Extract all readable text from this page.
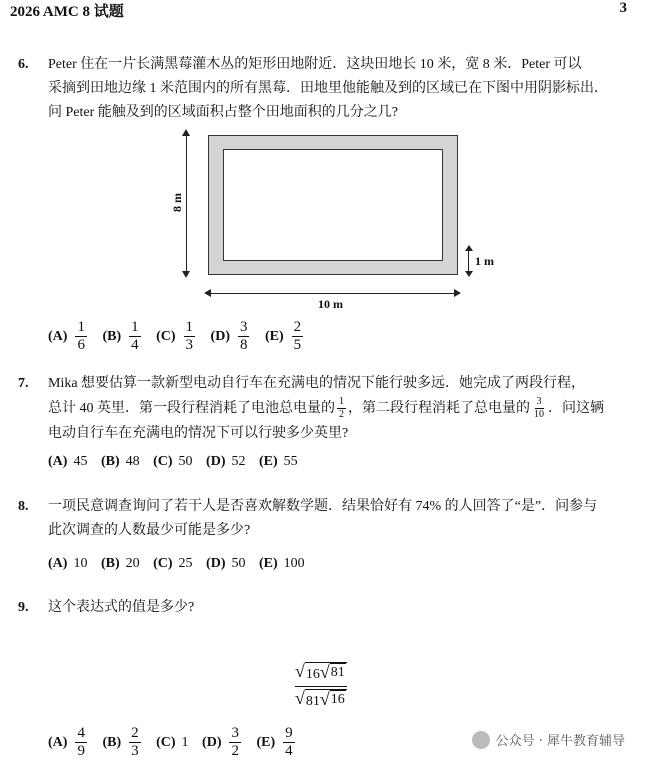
2026 AMC 8 试题	3
6. Peter 住在一片长满黑莓灌木丛的矩形田地附近．这块田地长 10 米，宽 8 米．Peter 可以
采摘到田地边缘 1 米范围内的所有黑莓．田地里他能触及到的区域已在下图中用阴影标出．
问 Peter 能触及到的区域面积占整个田地面积的几分之几?
8 m
1 m
10 m
$(A) \frac{1}{6}$
$(B) \frac{1}{4}$
$(C) \frac{1}{3}$
$(D) \frac{3}{8}$
$(E) \frac{2}{5}$
7. Mika 想要估算一款新型电动自行车在充满电的情况下能行驶多远．她完成了两段行程，
总计 40 英里．第一段行程消耗了电池总电量的 $\frac{1}{2}$ ，第二段行程消耗了总电量的 $\frac{3}{10}$ ．问这辆
电动自行车在充满电的情况下可以行驶多少英里?
(A) 45
(B) 48
(C) 50
(D) 52
(E) 55
8. 一项民意调查询问了若干人是否喜欢解数学题．结果恰好有 74% 的人回答了“是”．问参与
此次调查的人数最少可能是多少?
(A) 10
(B) 20
(C) 25
(D) 50
(E) 100
9. 这个表达式的值是多少?
√ 16 √ 81
√ 81 √ 16
$(A) \frac{4}{9}$
$(B) \frac{2}{3}$
(C) 1
$(D) \frac{3}{2}$
$(E) \frac{9}{4}$	公众号 · 犀牛教育辅导
